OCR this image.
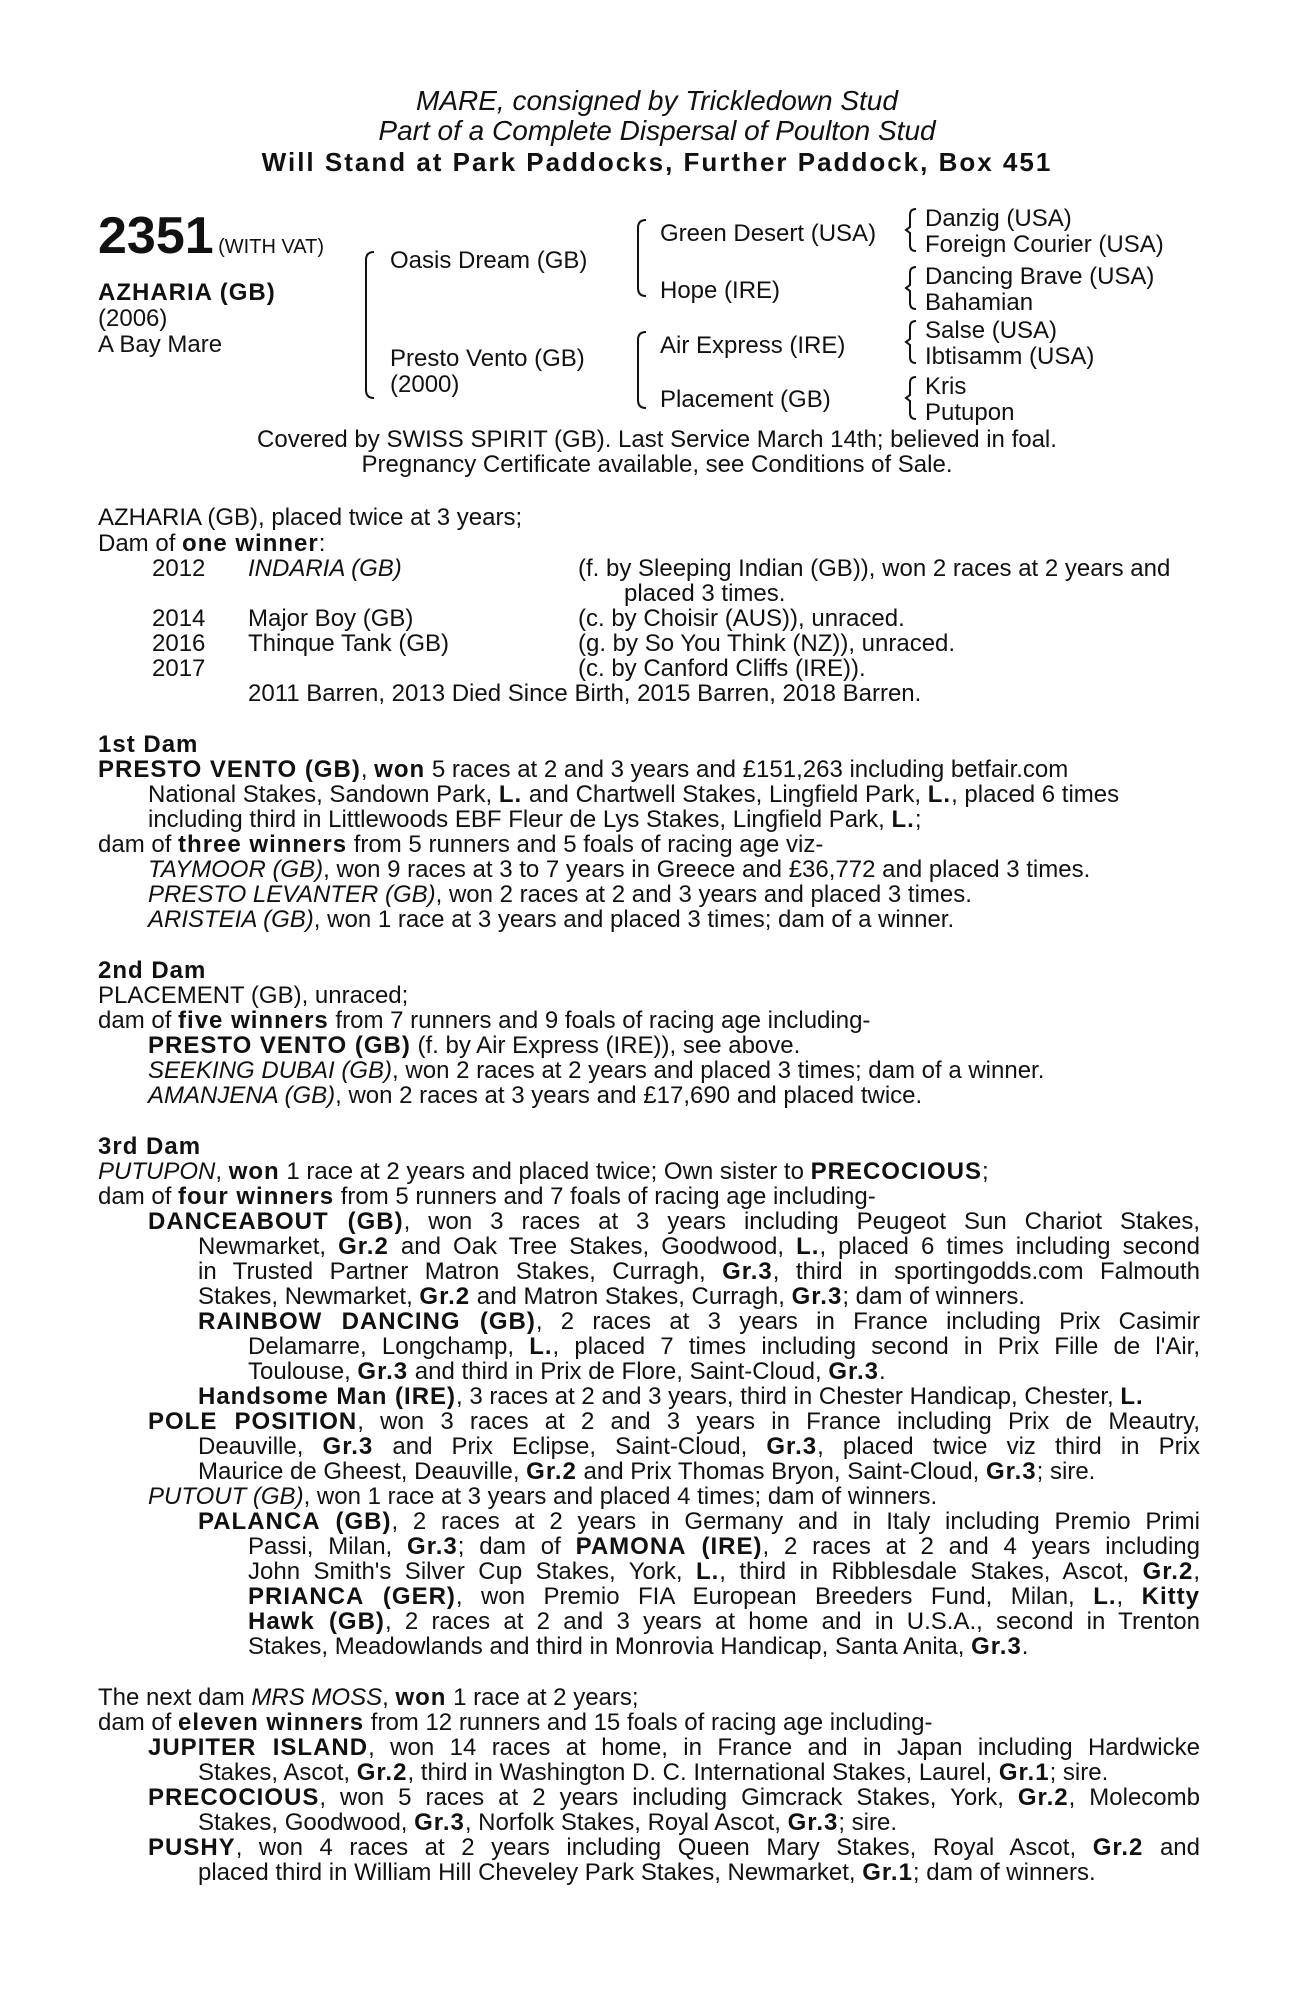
MARE, consigned by Trickledown Stud
Part of a Complete Dispersal of Poulton Stud
Will Stand at Park Paddocks, Further Paddock, Box 451
2351 (WITH VAT)
AZHARIA (GB)
(2006)
A Bay Mare
Oasis Dream (GB)
Presto Vento (GB)
(2000)
Green Desert (USA)
Hope (IRE)
Air Express (IRE)
Placement (GB)
Danzig (USA)
Foreign Courier (USA)
Dancing Brave (USA)
Bahamian
Salse (USA)
Ibtisamm (USA)
Kris
Putupon
Covered by SWISS SPIRIT (GB). Last Service March 14th; believed in foal.
Pregnancy Certificate available, see Conditions of Sale.
AZHARIA (GB), placed twice at 3 years;
Dam of one winner:
2012 INDARIA (GB)	(f. by Sleeping Indian (GB)), won 2 races at 2 years and
placed 3 times.
2014 Major Boy (GB)	(c. by Choisir (AUS)), unraced.
2016 Thinque Tank (GB)	(g. by So You Think (NZ)), unraced.
2017	(c. by Canford Cliffs (IRE)).
2011 Barren, 2013 Died Since Birth, 2015 Barren, 2018 Barren.
1st Dam
PRESTO VENTO (GB), won 5 races at 2 and 3 years and £151,263 including betfair.com
National Stakes, Sandown Park, L. and Chartwell Stakes, Lingfield Park, L., placed 6 times
including third in Littlewoods EBF Fleur de Lys Stakes, Lingfield Park, L.;
dam of three winners from 5 runners and 5 foals of racing age viz-
TAYMOOR (GB), won 9 races at 3 to 7 years in Greece and £36,772 and placed 3 times.
PRESTO LEVANTER (GB), won 2 races at 2 and 3 years and placed 3 times.
ARISTEIA (GB), won 1 race at 3 years and placed 3 times; dam of a winner.
2nd Dam
PLACEMENT (GB), unraced;
dam of five winners from 7 runners and 9 foals of racing age including-
PRESTO VENTO (GB) (f. by Air Express (IRE)), see above.
SEEKING DUBAI (GB), won 2 races at 2 years and placed 3 times; dam of a winner.
AMANJENA (GB), won 2 races at 3 years and £17,690 and placed twice.
3rd Dam
PUTUPON, won 1 race at 2 years and placed twice; Own sister to PRECOCIOUS;
dam of four winners from 5 runners and 7 foals of racing age including-
DANCEABOUT (GB), won 3 races at 3 years including Peugeot Sun Chariot Stakes,
Newmarket, Gr.2 and Oak Tree Stakes, Goodwood, L., placed 6 times including second
in Trusted Partner Matron Stakes, Curragh, Gr.3, third in sportingodds.com Falmouth
Stakes, Newmarket, Gr.2 and Matron Stakes, Curragh, Gr.3; dam of winners.
RAINBOW DANCING (GB), 2 races at 3 years in France including Prix Casimir
Delamarre, Longchamp, L., placed 7 times including second in Prix Fille de l'Air,
Toulouse, Gr.3 and third in Prix de Flore, Saint-Cloud, Gr.3.
Handsome Man (IRE), 3 races at 2 and 3 years, third in Chester Handicap, Chester, L.
POLE POSITION, won 3 races at 2 and 3 years in France including Prix de Meautry,
Deauville, Gr.3 and Prix Eclipse, Saint-Cloud, Gr.3, placed twice viz third in Prix
Maurice de Gheest, Deauville, Gr.2 and Prix Thomas Bryon, Saint-Cloud, Gr.3; sire.
PUTOUT (GB), won 1 race at 3 years and placed 4 times; dam of winners.
PALANCA (GB), 2 races at 2 years in Germany and in Italy including Premio Primi
Passi, Milan, Gr.3; dam of PAMONA (IRE), 2 races at 2 and 4 years including
John Smith's Silver Cup Stakes, York, L., third in Ribblesdale Stakes, Ascot, Gr.2,
PRIANCA (GER), won Premio FIA European Breeders Fund, Milan, L., Kitty
Hawk (GB), 2 races at 2 and 3 years at home and in U.S.A., second in Trenton
Stakes, Meadowlands and third in Monrovia Handicap, Santa Anita, Gr.3.
The next dam MRS MOSS, won 1 race at 2 years;
dam of eleven winners from 12 runners and 15 foals of racing age including-
JUPITER ISLAND, won 14 races at home, in France and in Japan including Hardwicke
Stakes, Ascot, Gr.2, third in Washington D. C. International Stakes, Laurel, Gr.1; sire.
PRECOCIOUS, won 5 races at 2 years including Gimcrack Stakes, York, Gr.2, Molecomb
Stakes, Goodwood, Gr.3, Norfolk Stakes, Royal Ascot, Gr.3; sire.
PUSHY, won 4 races at 2 years including Queen Mary Stakes, Royal Ascot, Gr.2 and
placed third in William Hill Cheveley Park Stakes, Newmarket, Gr.1; dam of winners.
